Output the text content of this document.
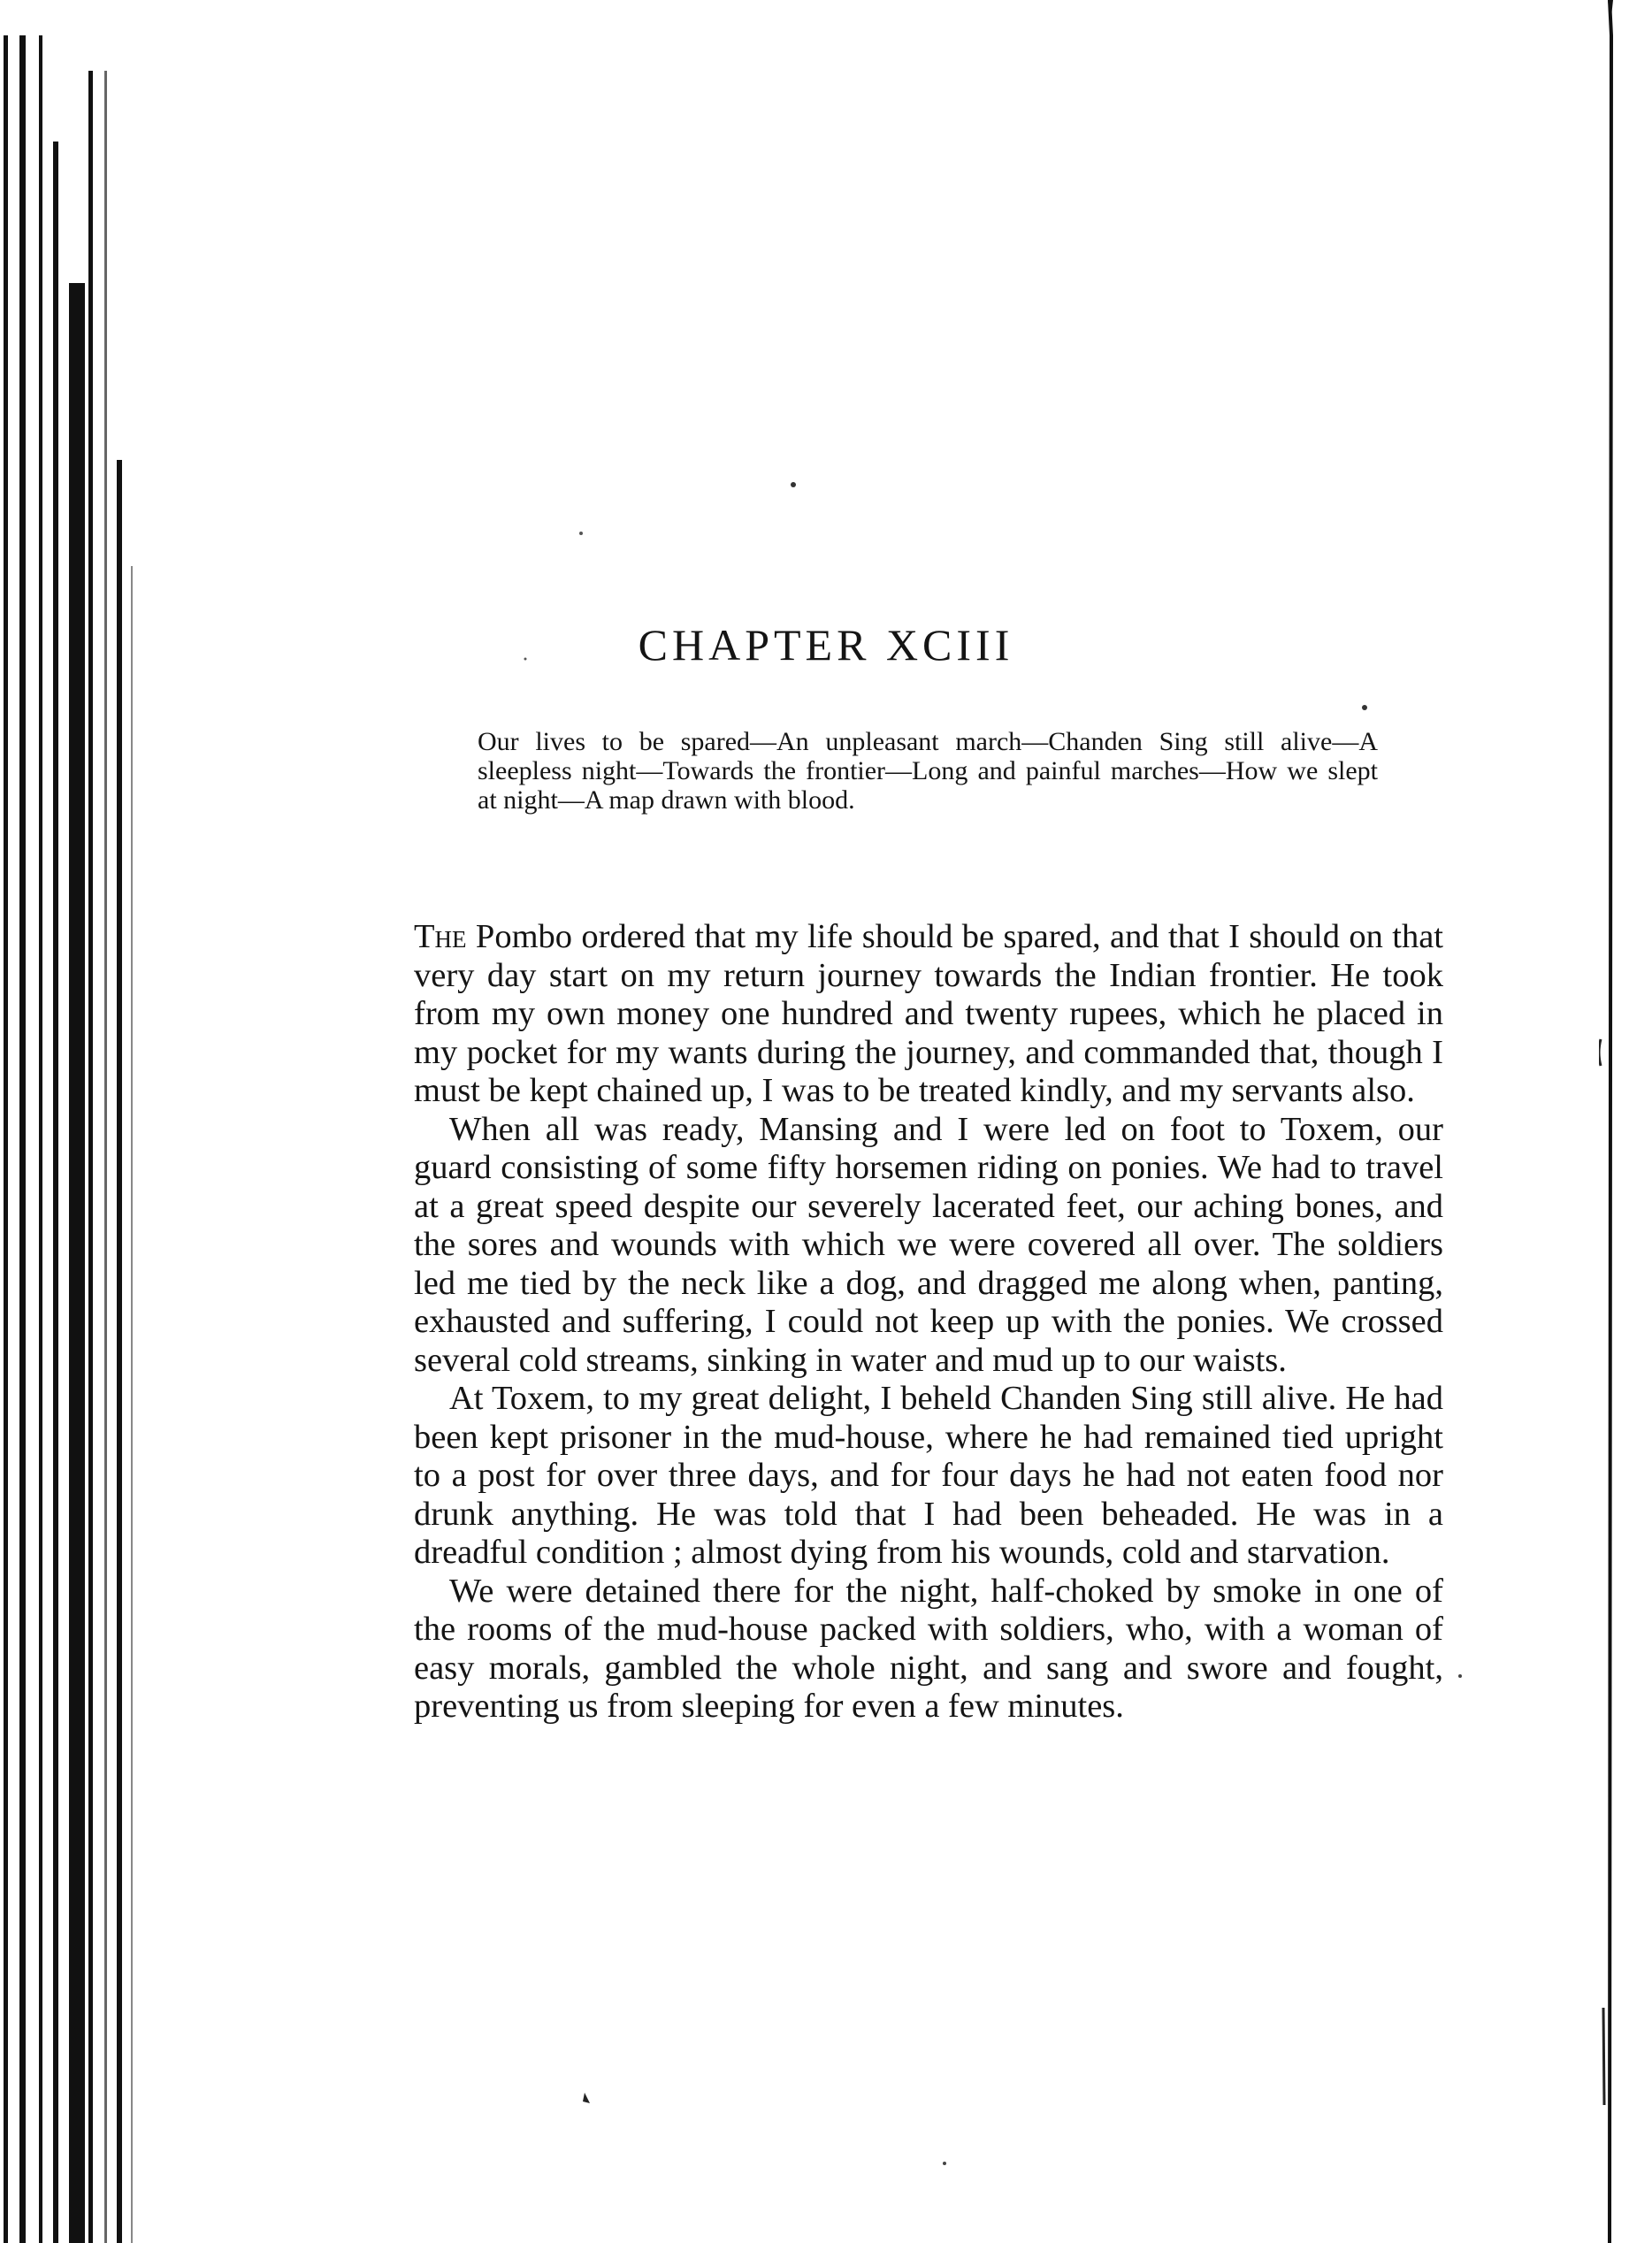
CHAPTER XCIII

Our lives to be spared—An unpleasant march—Chanden Sing still alive—A sleepless night—Towards the frontier—Long and painful marches—How we slept at night—A map drawn with blood.

The Pombo ordered that my life should be spared, and that I should on that very day start on my return journey towards the Indian frontier. He took from my own money one hundred and twenty rupees, which he placed in my pocket for my wants during the journey, and commanded that, though I must be kept chained up, I was to be treated kindly, and my servants also.

When all was ready, Mansing and I were led on foot to Toxem, our guard consisting of some fifty horsemen riding on ponies. We had to travel at a great speed despite our severely lacerated feet, our aching bones, and the sores and wounds with which we were covered all over. The soldiers led me tied by the neck like a dog, and dragged me along when, panting, exhausted and suffering, I could not keep up with the ponies. We crossed several cold streams, sinking in water and mud up to our waists.

At Toxem, to my great delight, I beheld Chanden Sing still alive. He had been kept prisoner in the mud-house, where he had remained tied upright to a post for over three days, and for four days he had not eaten food nor drunk anything. He was told that I had been beheaded. He was in a dreadful condition ; almost dying from his wounds, cold and starvation.

We were detained there for the night, half-choked by smoke in one of the rooms of the mud-house packed with soldiers, who, with a woman of easy morals, gambled the whole night, and sang and swore and fought, preventing us from sleeping for even a few minutes.
